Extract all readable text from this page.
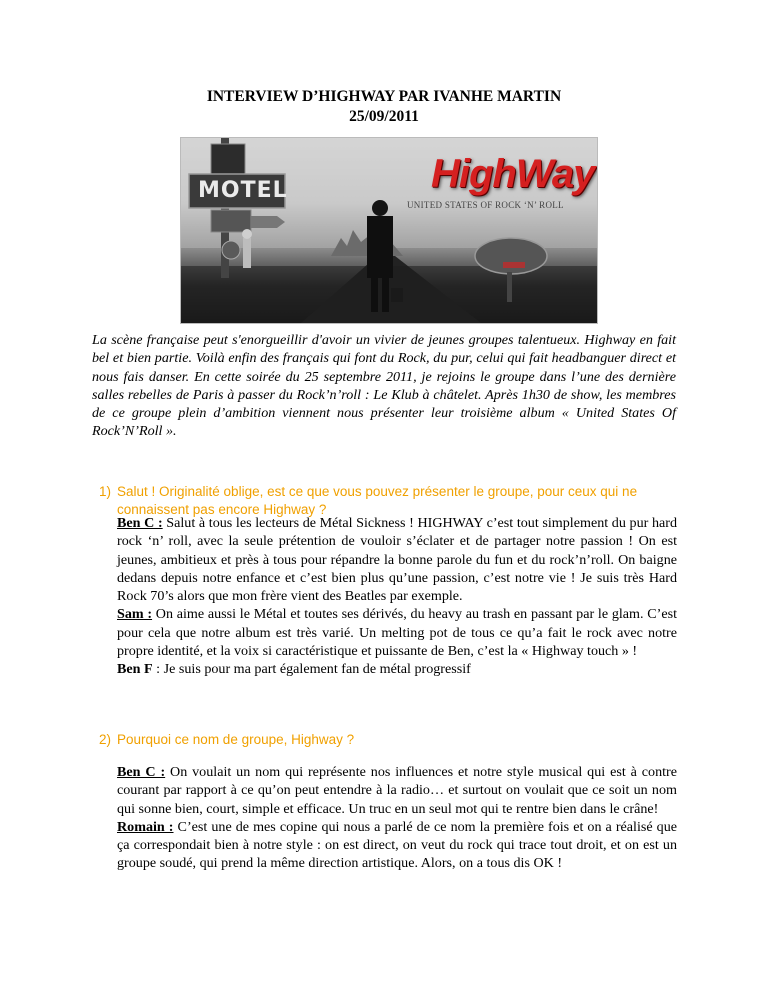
INTERVIEW D’HIGHWAY PAR IVANHE MARTIN
25/09/2011
MOTEL	HighWay
UNITED STATES OF ROCK ‘N’ ROLL

La scène française peut s'enorgueillir d'avoir un vivier de jeunes groupes talentueux. Highway en fait bel et bien partie. Voilà enfin des français qui font du Rock, du pur, celui qui fait headbanguer direct et nous fais danser. En cette soirée du 25 septembre 2011, je rejoins le groupe dans l’une des dernière salles rebelles de Paris à passer du Rock’n’roll : Le Klub à châtelet. Après 1h30 de show, les membres de ce groupe plein d’ambition viennent nous présenter leur troisième album « United States Of Rock’N’Roll ».

1) Salut ! Originalité oblige, est ce que vous pouvez présenter le groupe, pour ceux qui ne connaissent pas encore Highway ?

Ben C : Salut à tous les lecteurs de Métal Sickness ! HIGHWAY c’est tout simplement du pur hard rock ‘n’ roll, avec la seule prétention de vouloir s’éclater et de partager notre passion ! On est jeunes, ambitieux et près à tous pour répandre la bonne parole du fun et du rock’n’roll. On baigne dedans depuis notre enfance et c’est bien plus qu’une passion, c’est notre vie ! Je suis très Hard Rock 70’s alors que mon frère vient des Beatles par exemple.

Sam : On aime aussi le Métal et toutes ses dérivés, du heavy au trash en passant par le glam. C’est pour cela que notre album est très varié. Un melting pot de tous ce qu’a fait le rock avec notre propre identité, et la voix si caractéristique et puissante de Ben, c’est la « Highway touch » !

Ben F : Je suis pour ma part également fan de métal progressif

2) Pourquoi ce nom de groupe, Highway ?

Ben C : On voulait un nom qui représente nos influences et notre style musical qui est à contre courant par rapport à ce qu’on peut entendre à la radio… et surtout on voulait que ce soit un nom qui sonne bien, court, simple et efficace. Un truc en un seul mot qui te rentre bien dans le crâne!

Romain : C’est une de mes copine qui nous a parlé de ce nom la première fois et on a réalisé que ça correspondait bien à notre style : on est direct, on veut du rock qui trace tout droit, et on est un groupe soudé, qui prend la même direction artistique. Alors, on a tous dis OK !
